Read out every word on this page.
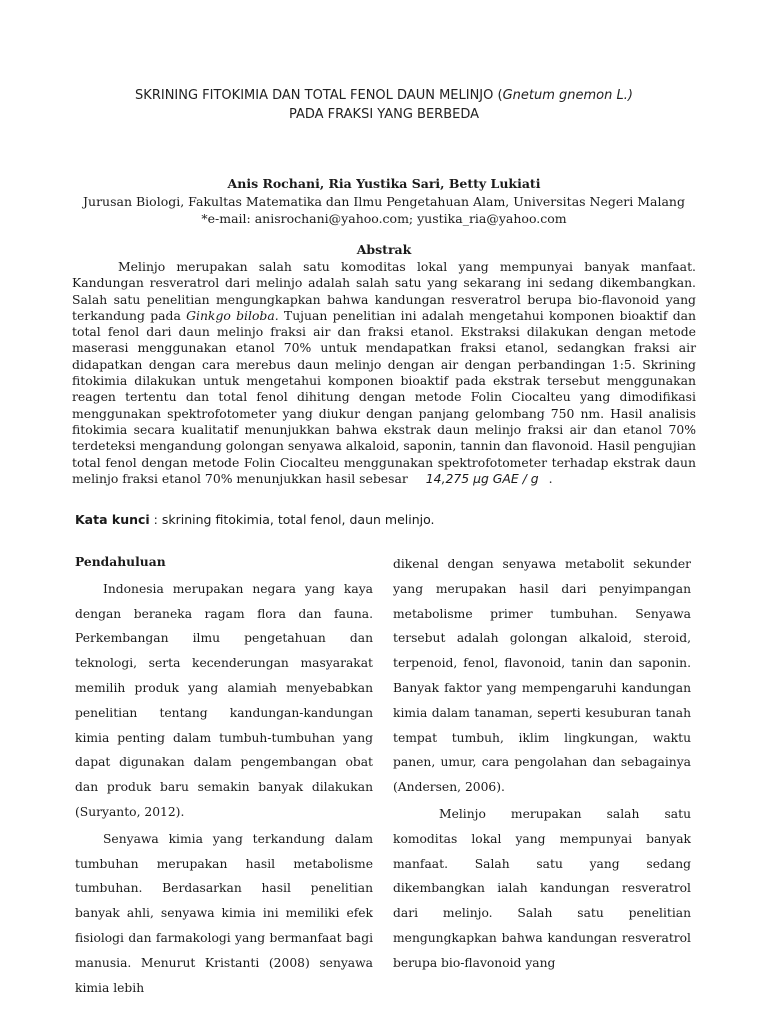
SKRINING FITOKIMIA DAN TOTAL FENOL DAUN MELINJO (Gnetum gnemon L.)
PADA FRAKSI YANG BERBEDA
Anis Rochani, Ria Yustika Sari, Betty Lukiati
Jurusan Biologi, Fakultas Matematika dan Ilmu Pengetahuan Alam, Universitas Negeri Malang
*e-mail: anisrochani@yahoo.com; yustika_ria@yahoo.com
Abstrak
Melinjo merupakan salah satu komoditas lokal yang mempunyai banyak manfaat. Kandungan resveratrol dari melinjo adalah salah satu yang sekarang ini sedang dikembangkan. Salah satu penelitian mengungkapkan bahwa kandungan resveratrol berupa bio-flavonoid yang terkandung pada Ginkgo biloba. Tujuan penelitian ini adalah mengetahui komponen bioaktif dan total fenol dari daun melinjo fraksi air dan fraksi etanol. Ekstraksi dilakukan dengan metode maserasi menggunakan etanol 70% untuk mendapatkan fraksi etanol, sedangkan fraksi air didapatkan dengan cara merebus daun melinjo dengan air dengan perbandingan 1:5. Skrining fitokimia dilakukan untuk mengetahui komponen bioaktif pada ekstrak tersebut menggunakan reagen tertentu dan total fenol dihitung dengan metode Folin Ciocalteu yang dimodifikasi menggunakan spektrofotometer yang diukur dengan panjang gelombang 750 nm. Hasil analisis fitokimia secara kualitatif menunjukkan bahwa ekstrak daun melinjo fraksi air dan etanol 70% terdeteksi mengandung golongan senyawa alkaloid, saponin, tannin dan flavonoid. Hasil pengujian total fenol dengan metode Folin Ciocalteu menggunakan spektrofotometer terhadap ekstrak daun melinjo fraksi etanol 70% menunjukkan hasil sebesar 14,275 μg GAE / g .
Kata kunci : skrining fitokimia, total fenol, daun melinjo.

Pendahuluan

Indonesia merupakan negara yang kaya dengan beraneka ragam flora dan fauna. Perkembangan ilmu pengetahuan dan teknologi, serta kecenderungan masyarakat memilih produk yang alamiah menyebabkan penelitian tentang kandungan-kandungan kimia penting dalam tumbuh-tumbuhan yang dapat digunakan dalam pengembangan obat dan produk baru semakin banyak dilakukan (Suryanto, 2012).

Senyawa kimia yang terkandung dalam tumbuhan merupakan hasil metabolisme tumbuhan. Berdasarkan hasil penelitian banyak ahli, senyawa kimia ini memiliki efek fisiologi dan farmakologi yang bermanfaat bagi manusia. Menurut Kristanti (2008) senyawa kimia lebih

dikenal dengan senyawa metabolit sekunder yang merupakan hasil dari penyimpangan metabolisme primer tumbuhan. Senyawa tersebut adalah golongan alkaloid, steroid, terpenoid, fenol, flavonoid, tanin dan saponin. Banyak faktor yang mempengaruhi kandungan kimia dalam tanaman, seperti kesuburan tanah tempat tumbuh, iklim lingkungan, waktu panen, umur, cara pengolahan dan sebagainya (Andersen, 2006).

Melinjo merupakan salah satu komoditas lokal yang mempunyai banyak manfaat. Salah satu yang sedang dikembangkan ialah kandungan resveratrol dari melinjo. Salah satu penelitian mengungkapkan bahwa kandungan resveratrol berupa bio-flavonoid yang
